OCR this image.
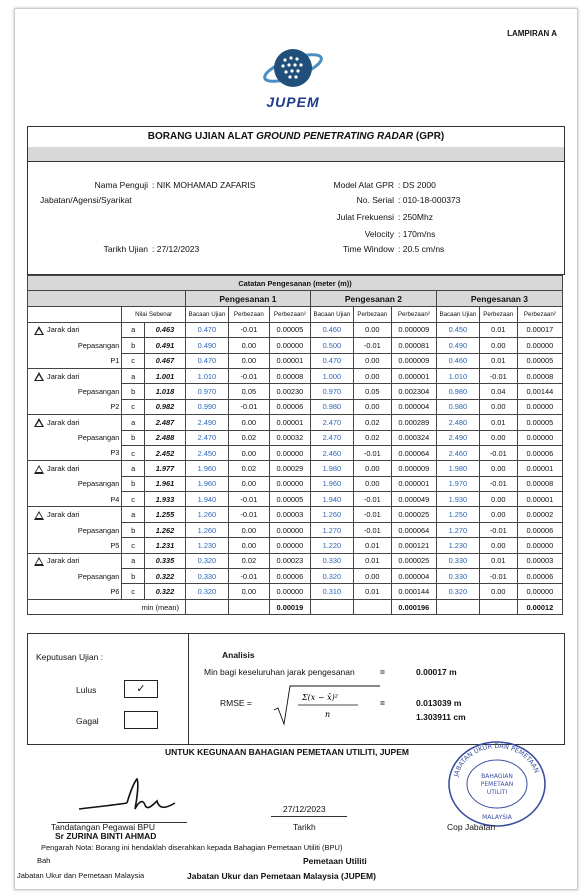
LAMPIRAN A
JUPEM
BORANG UJIAN ALAT GROUND PENETRATING RADAR (GPR)
Nama Penguji : NIK MOHAMAD ZAFARIS
Jabatan/Agensi/Syarikat
Tarikh Ujian : 27/12/2023
Model Alat GPR : DS 2000
No. Serial : 010-18-000373
Julat Frekuensi : 250Mhz
Velocity : 170m/ns
Time Window : 20.5 cm/ns
Catatan Pengesanan (meter (m))											
			Pengesanan 1			Pengesanan 2			Pengesanan 3		
	Nilai Sebenar		Bacaan Ujian	Perbezaan	Perbezaan²	Bacaan Ujian	Perbezaan	Perbezaan²	Bacaan Ujian	Perbezaan	Perbezaan²
Jarak dari	a	0.463	0.470	-0.01	0.00005	0.460	0.00	0.000009	0.450	0.01	0.00017
Pepasangan	b	0.491	0.490	0.00	0.00000	0.500	-0.01	0.000081	0.490	0.00	0.00000
P1	c	0.467	0.470	0.00	0.00001	0.470	0.00	0.000009	0.460	0.01	0.00005
Jarak dari	a	1.001	1.010	-0.01	0.00008	1.000	0.00	0.000001	1.010	-0.01	0.00008
Pepasangan	b	1.018	0.970	0.05	0.00230	0.970	0.05	0.002304	0.980	0.04	0.00144
P2	c	0.982	0.990	-0.01	0.00006	0.980	0.00	0.000004	0.980	0.00	0.00000
Jarak dari	a	2.487	2.490	0.00	0.00001	2.470	0.02	0.000289	2.480	0.01	0.00005
Pepasangan	b	2.488	2.470	0.02	0.00032	2.470	0.02	0.000324	2.490	0.00	0.00000
P3	c	2.452	2.450	0.00	0.00000	2.460	-0.01	0.000064	2.460	-0.01	0.00006
Jarak dari	a	1.977	1.960	0.02	0.00029	1.980	0.00	0.000009	1.980	0.00	0.00001
Pepasangan	b	1.961	1.960	0.00	0.00000	1.960	0.00	0.000001	1.970	-0.01	0.00008
P4	c	1.933	1.940	-0.01	0.00005	1.940	-0.01	0.000049	1.930	0.00	0.00001
Jarak dari	a	1.255	1.260	-0.01	0.00003	1.260	-0.01	0.000025	1.250	0.00	0.00002
Pepasangan	b	1.262	1.260	0.00	0.00000	1.270	-0.01	0.000064	1.270	-0.01	0.00006
P5	c	1.231	1.230	0.00	0.00000	1.220	0.01	0.000121	1.230	0.00	0.00000
Jarak dari	a	0.335	0.320	0.02	0.00023	0.330	0.01	0.000025	0.330	0.01	0.00003
Pepasangan	b	0.322	0.330	-0.01	0.00006	0.320	0.00	0.000004	0.330	-0.01	0.00006
P6	c	0.322	0.320	0.00	0.00000	0.310	0.01	0.000144	0.320	0.00	0.00000
min (mean)					0.00019			0.000196			0.00012
Keputusan Ujian :
Lulus	✓
Gagal
Analisis
Min bagi keseluruhan jarak pengesanan	=	0.00017 m
RMSE =
Σ(x − x̄)²
n
=	0.013039 m
1.303911 cm
UNTUK KEGUNAAN BAHAGIAN PEMETAAN UTILITI, JUPEM
JABATAN UKUR DAN PEMETAAN
BAHAGIAN
PEMETAAN
UTILITI
MALAYSIA
Tandatangan Pegawai BPU
Sr ZURINA BINTI AHMAD
27/12/2023
Tarikh	Cop Jabatan
Pengarah Nota: Borang ini hendaklah diserahkan kepada Bahagian Pemetaan Utiliti (BPU)
Bah	Pemetaan Utiliti
Jabatan Ukur dan Pemetaan Malaysia	Jabatan Ukur dan Pemetaan Malaysia (JUPEM)
